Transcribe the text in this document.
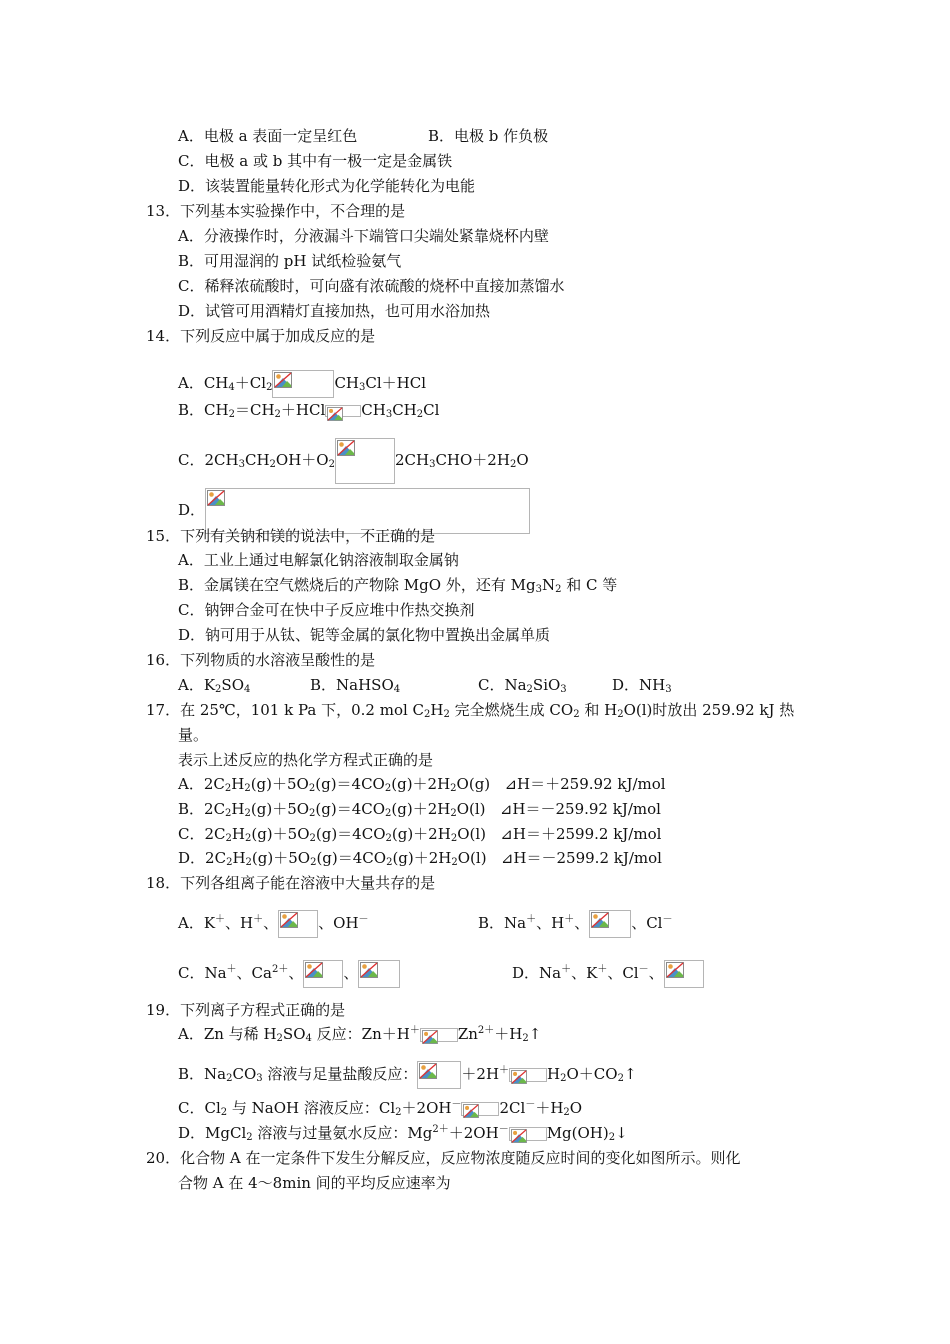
A．电极 a 表面一定呈红色	B．电极 b 作负极
C．电极 a 或 b 其中有一极一定是金属铁
D．该装置能量转化形式为化学能转化为电能
13．下列基本实验操作中，不合理的是
A．分液操作时，分液漏斗下端管口尖端处紧靠烧杯内壁
B．可用湿润的 pH 试纸检验氨气
C．稀释浓硫酸时，可向盛有浓硫酸的烧杯中直接加蒸馏水
D．试管可用酒精灯直接加热，也可用水浴加热
14．下列反应中属于加成反应的是
A．$CH_4+Cl_2$	$CH_3Cl+HCl$
B．$CH_2=CH_2+HCl$ $CH_3CH_2Cl$
C．$2CH_3CH_2OH+O_2$	$2CH_3CHO+2H_2O$
D．
15．下列有关钠和镁的说法中，不正确的是
A．工业上通过电解氯化钠溶液制取金属钠
B．金属镁在空气燃烧后的产物除 MgO 外，还有 $Mg_3N_2$ 和 C 等
C．钠钾合金可在快中子反应堆中作热交换剂
D．钠可用于从钛、铌等金属的氯化物中置换出金属单质
16．下列物质的水溶液呈酸性的是
A．$K_2SO_4$	B．NaHSO$_4$	C．$Na_2SiO_3$	D．$NH_3$
17．在 25℃，101 k Pa 下，0.2 mol $C_2H_2$ 完全燃烧生成 $CO_2$ 和 $H_2O(l)$时放出 259.92 kJ 热
量。
表示上述反应的热化学方程式正确的是
A．$2C_2H_2(g)+5O_2(g)=4CO_2(g)+2H_2O(g)$   ⊿H＝＋259.92 kJ/mol
B．$2C_2H_2(g)+5O_2(g)=4CO_2(g)+2H_2O(l)$   ⊿H＝－259.92 kJ/mol
C．$2C_2H_2(g)+5O_2(g)=4CO_2(g)+2H_2O(l)$   ⊿H＝＋2599.2 kJ/mol
D．$2C_2H_2(g)+5O_2(g)=4CO_2(g)+2H_2O(l)$   ⊿H＝－2599.2 kJ/mol
18．下列各组离子能在溶液中大量共存的是
A．K＋、H＋、	、OH－	B．Na＋、H＋、	、Cl－
C．Na＋、$Ca^{2+}$、	、	D．Na＋、K＋、Cl－、
19．下列离子方程式正确的是
A．Zn 与稀 $H_2SO_4$ 反应：Zn＋H＋	$Zn^{2+}+H_2↑$
B．$Na_2CO_3$ 溶液与足量盐酸反应：	＋2H＋	$H_2O+CO_2↑$
C．$Cl_2$ 与 NaOH 溶液反应：$Cl_2+2OH^-$	$2Cl^-+H_2O$
D．MgCl$_2$ 溶液与过量氨水反应：$Mg^{2+}+2OH^-$	$Mg(OH)_2↓$
20．化合物 A 在一定条件下发生分解反应，反应物浓度随反应时间的变化如图所示。则化
合物 A 在 4～8min 间的平均反应速率为
